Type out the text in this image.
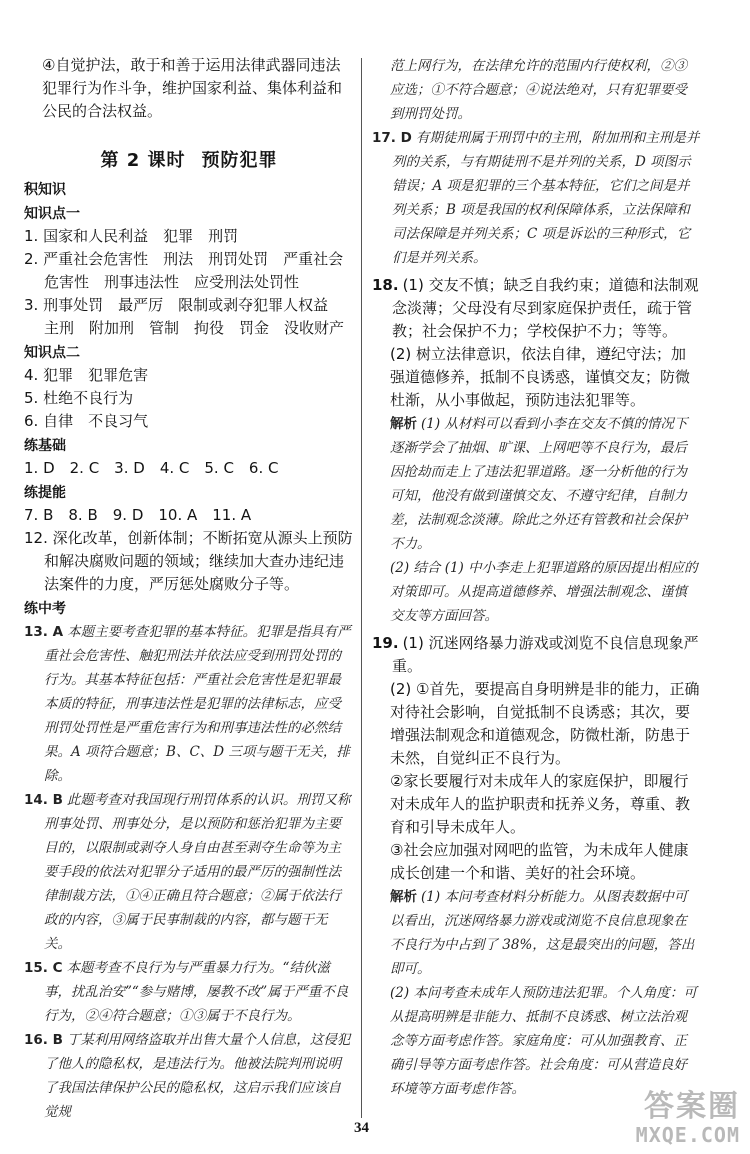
④自觉护法，敢于和善于运用法律武器同违法犯罪行为作斗争，维护国家利益、集体利益和公民的合法权益。

第 2 课时 预防犯罪

积知识

知识点一

1. 国家和人民利益　犯罪　刑罚

2. 严重社会危害性　刑法　刑罚处罚　严重社会危害性　刑事违法性　应受刑法处罚性

3. 刑事处罚　最严厉　限制或剥夺犯罪人权益　主刑　附加刑　管制　拘役　罚金　没收财产

知识点二

4. 犯罪　犯罪危害

5. 杜绝不良行为

6. 自律　不良习气

练基础

1. D　2. C　3. D　4. C　5. C　6. C

练提能

7. B　8. B　9. D　10. A　11. A

12. 深化改革，创新体制；不断拓宽从源头上预防和解决腐败问题的领域；继续加大查办违纪违法案件的力度，严厉惩处腐败分子等。

练中考

13. A 本题主要考查犯罪的基本特征。犯罪是指具有严重社会危害性、触犯刑法并依法应受到刑罚处罚的行为。其基本特征包括：严重社会危害性是犯罪最本质的特征，刑事违法性是犯罪的法律标志，应受刑罚处罚性是严重危害行为和刑事违法性的必然结果。A 项符合题意；B、C、D 三项与题干无关，排除。

14. B 此题考查对我国现行刑罚体系的认识。刑罚又称刑事处罚、刑事处分，是以预防和惩治犯罪为主要目的，以限制或剥夺人身自由甚至剥夺生命等为主要手段的依法对犯罪分子适用的最严厉的强制性法律制裁方法，①④正确且符合题意；②属于依法行政的内容，③属于民事制裁的内容，都与题干无关。

15. C 本题考查不良行为与严重暴力行为。“结伙滋事，扰乱治安”“参与赌博，屡教不改”属于严重不良行为，②④符合题意；①③属于不良行为。

16. B 丁某利用网络盗取并出售大量个人信息，这侵犯了他人的隐私权，是违法行为。他被法院判刑说明了我国法律保护公民的隐私权，这启示我们应该自觉规

范上网行为，在法律允许的范围内行使权利，②③应选；①不符合题意；④说法绝对，只有犯罪要受到刑罚处罚。

17. D 有期徒刑属于刑罚中的主刑，附加刑和主刑是并列的关系，与有期徒刑不是并列的关系，D 项图示错误；A 项是犯罪的三个基本特征，它们之间是并列关系；B 项是我国的权利保障体系，立法保障和司法保障是并列关系；C 项是诉讼的三种形式，它们是并列关系。

18. (1) 交友不慎；缺乏自我约束；道德和法制观念淡薄；父母没有尽到家庭保护责任，疏于管教；社会保护不力；学校保护不力；等等。

(2) 树立法律意识，依法自律，遵纪守法；加强道德修养，抵制不良诱惑，谨慎交友；防微杜渐，从小事做起，预防违法犯罪等。

解析 (1) 从材料可以看到小李在交友不慎的情况下逐渐学会了抽烟、旷课、上网吧等不良行为，最后因抢劫而走上了违法犯罪道路。逐一分析他的行为可知，他没有做到谨慎交友、不遵守纪律，自制力差，法制观念淡薄。除此之外还有管教和社会保护不力。

(2) 结合 (1) 中小李走上犯罪道路的原因提出相应的对策即可。从提高道德修养、增强法制观念、谨慎交友等方面回答。

19. (1) 沉迷网络暴力游戏或浏览不良信息现象严重。

(2) ①首先，要提高自身明辨是非的能力，正确对待社会影响，自觉抵制不良诱惑；其次，要增强法制观念和道德观念，防微杜渐，防患于未然，自觉纠正不良行为。

②家长要履行对未成年人的家庭保护，即履行对未成年人的监护职责和抚养义务，尊重、教育和引导未成年人。

③社会应加强对网吧的监管，为未成年人健康成长创建一个和谐、美好的社会环境。

解析 (1) 本问考查材料分析能力。从图表数据中可以看出，沉迷网络暴力游戏或浏览不良信息现象在不良行为中占到了 38%，这是最突出的问题，答出即可。

(2) 本问考查未成年人预防违法犯罪。个人角度：可从提高明辨是非能力、抵制不良诱惑、树立法治观念等方面考虑作答。家庭角度：可从加强教育、正确引导等方面考虑作答。社会角度：可从营造良好环境等方面考虑作答。

34
答案圈
MXQE.COM
